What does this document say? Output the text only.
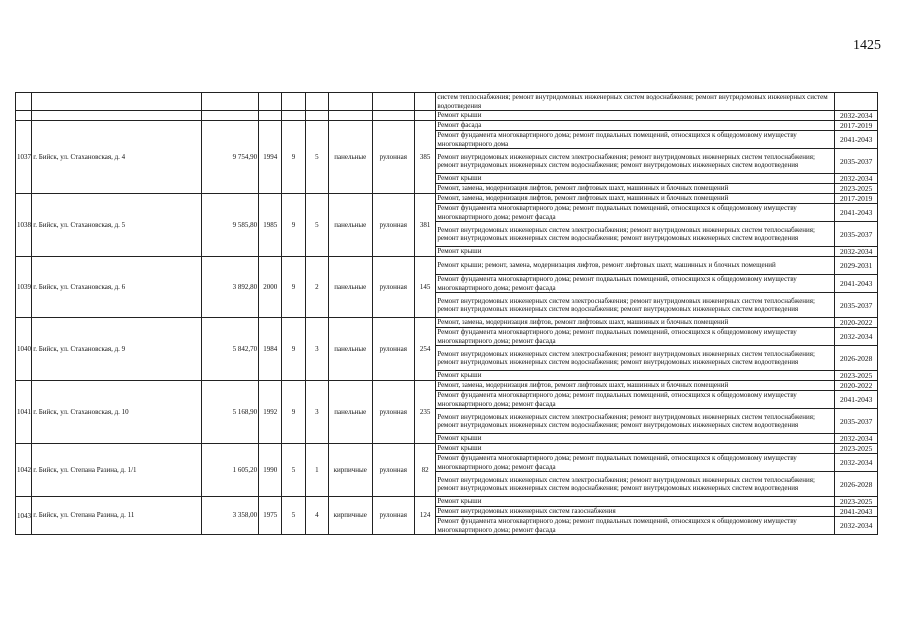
1425
									систем теплоснабжения; ремонт внутридомовых инженерных систем водоснабжения; ремонт внутридомовых инженерных систем водоотведения	
									Ремонт крыши	2032-2034
1037	г. Бийск, ул. Стахановская, д. 4	9 754,90	1994	9	5	панельные	рулонная	385	Ремонт фасада	2017-2019
									Ремонт фундамента многоквартирного дома; ремонт подвальных помещений, относящихся к общедомовому имуществу многоквартирного дома	2041-2043
									Ремонт внутридомовых инженерных систем электроснабжения; ремонт внутридомовых инженерных систем теплоснабжения; ремонт внутридомовых инженерных систем водоснабжения; ремонт внутридомовых инженерных систем водоотведения	2035-2037
									Ремонт крыши	2032-2034
									Ремонт, замена, модернизация лифтов, ремонт лифтовых шахт, машинных и блочных помещений	2023-2025
1038	г. Бийск, ул. Стахановская, д. 5	9 585,80	1985	9	5	панельные	рулонная	381	Ремонт, замена, модернизация лифтов, ремонт лифтовых шахт, машинных и блочных помещений	2017-2019
									Ремонт фундамента многоквартирного дома; ремонт подвальных помещений, относящихся к общедомовому имуществу многоквартирного дома; ремонт фасада	2041-2043
									Ремонт внутридомовых инженерных систем электроснабжения; ремонт внутридомовых инженерных систем теплоснабжения; ремонт внутридомовых инженерных систем водоснабжения; ремонт внутридомовых инженерных систем водоотведения	2035-2037
									Ремонт крыши	2032-2034
1039	г. Бийск, ул. Стахановская, д. 6	3 892,80	2000	9	2	панельные	рулонная	145	Ремонт крыши; ремонт, замена, модернизация лифтов, ремонт лифтовых шахт, машинных и блочных помещений	2029-2031
									Ремонт фундамента многоквартирного дома; ремонт подвальных помещений, относящихся к общедомовому имуществу многоквартирного дома; ремонт фасада	2041-2043
									Ремонт внутридомовых инженерных систем электроснабжения; ремонт внутридомовых инженерных систем теплоснабжения; ремонт внутридомовых инженерных систем водоснабжения; ремонт внутридомовых инженерных систем водоотведения	2035-2037
1040	г. Бийск, ул. Стахановская, д. 9	5 842,70	1984	9	3	панельные	рулонная	254	Ремонт, замена, модернизация лифтов, ремонт лифтовых шахт, машинных и блочных помещений	2020-2022
									Ремонт фундамента многоквартирного дома; ремонт подвальных помещений, относящихся к общедомовому имуществу многоквартирного дома; ремонт фасада	2032-2034
									Ремонт внутридомовых инженерных систем электроснабжения; ремонт внутридомовых инженерных систем теплоснабжения; ремонт внутридомовых инженерных систем водоснабжения; ремонт внутридомовых инженерных систем водоотведения	2026-2028
									Ремонт крыши	2023-2025
1041	г. Бийск, ул. Стахановская, д. 10	5 168,90	1992	9	3	панельные	рулонная	235	Ремонт, замена, модернизация лифтов, ремонт лифтовых шахт, машинных и блочных помещений	2020-2022
									Ремонт фундамента многоквартирного дома; ремонт подвальных помещений, относящихся к общедомовому имуществу многоквартирного дома; ремонт фасада	2041-2043
									Ремонт внутридомовых инженерных систем электроснабжения; ремонт внутридомовых инженерных систем теплоснабжения; ремонт внутридомовых инженерных систем водоснабжения; ремонт внутридомовых инженерных систем водоотведения	2035-2037
									Ремонт крыши	2032-2034
1042	г. Бийск, ул. Степана Разина, д. 1/1	1 605,20	1990	5	1	кирпичные	рулонная	82	Ремонт крыши	2023-2025
									Ремонт фундамента многоквартирного дома; ремонт подвальных помещений, относящихся к общедомовому имуществу многоквартирного дома; ремонт фасада	2032-2034
									Ремонт внутридомовых инженерных систем электроснабжения; ремонт внутридомовых инженерных систем теплоснабжения; ремонт внутридомовых инженерных систем водоснабжения; ремонт внутридомовых инженерных систем водоотведения	2026-2028
1043	г. Бийск, ул. Степана Разина, д. 11	3 358,00	1975	5	4	кирпичные	рулонная	124	Ремонт крыши	2023-2025
									Ремонт внутридомовых инженерных систем газоснабжения	2041-2043
									Ремонт фундамента многоквартирного дома; ремонт подвальных помещений, относящихся к общедомовому имуществу многоквартирного дома; ремонт фасада	2032-2034
